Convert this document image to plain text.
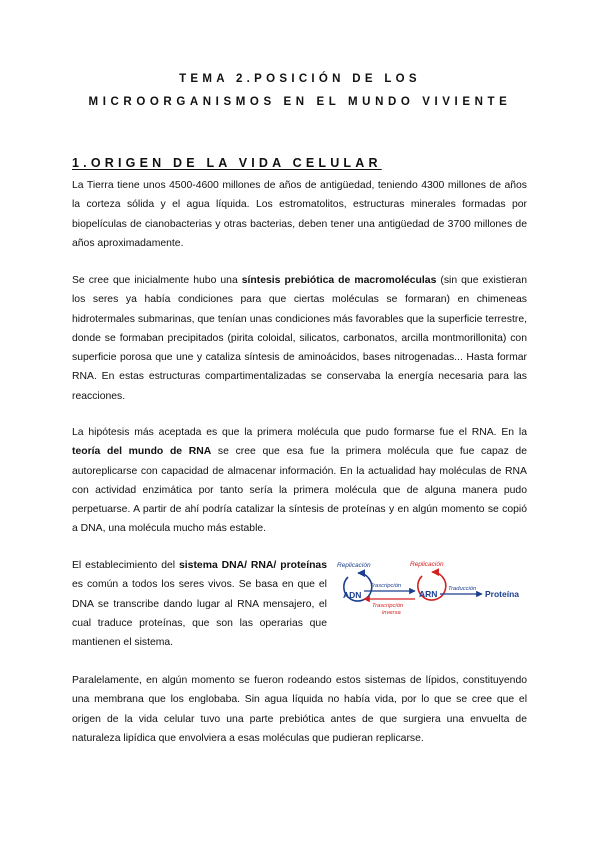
TEMA 2.POSICIÓN DE LOS
MICROORGANISMOS EN EL MUNDO VIVIENTE
1.ORIGEN DE LA VIDA CELULAR

La Tierra tiene unos 4500-4600 millones de años de antigüedad, teniendo 4300 millones de años la corteza sólida y el agua líquida. Los estromatolitos, estructuras minerales formadas por biopelículas de cianobacterias y otras bacterias, deben tener una antigüedad de 3700 millones de años aproximadamente.

Se cree que inicialmente hubo una síntesis prebiótica de macromoléculas (sin que existieran los seres ya había condiciones para que ciertas moléculas se formaran) en chimeneas hidrotermales submarinas, que tenían unas condiciones más favorables que la superficie terrestre, donde se formaban precipitados (pirita coloidal, silicatos, carbonatos, arcilla montmorillonita) con superficie porosa que une y cataliza síntesis de aminoácidos, bases nitrogenadas... Hasta formar RNA. En estas estructuras compartimentalizadas se conservaba la energía necesaria para las reacciones.

La hipótesis más aceptada es que la primera molécula que pudo formarse fue el RNA. En la teoría del mundo de RNA se cree que esa fue la primera molécula que fue capaz de autoreplicarse con capacidad de almacenar información. En la actualidad hay moléculas de RNA con actividad enzimática por tanto sería la primera molécula que de alguna manera pudo perpetuarse. A partir de ahí podría catalizar la síntesis de proteínas y en algún momento se copió a DNA, una molécula mucho más estable.

El establecimiento del sistema DNA/ RNA/ proteínas es común a todos los seres vivos. Se basa en que el DNA se transcribe dando lugar al RNA mensajero, el cual traduce proteínas, que son las operarias que mantienen el sistema.

Replicación	Replicación
ADN	ARN	Proteína
Trascripción
Trascripción
inversa
Traducción

Paralelamente, en algún momento se fueron rodeando estos sistemas de lípidos, constituyendo una membrana que los englobaba. Sin agua líquida no había vida, por lo que se cree que el origen de la vida celular tuvo una parte prebiótica antes de que surgiera una envuelta de naturaleza lipídica que envolviera a esas moléculas que pudieran replicarse.
